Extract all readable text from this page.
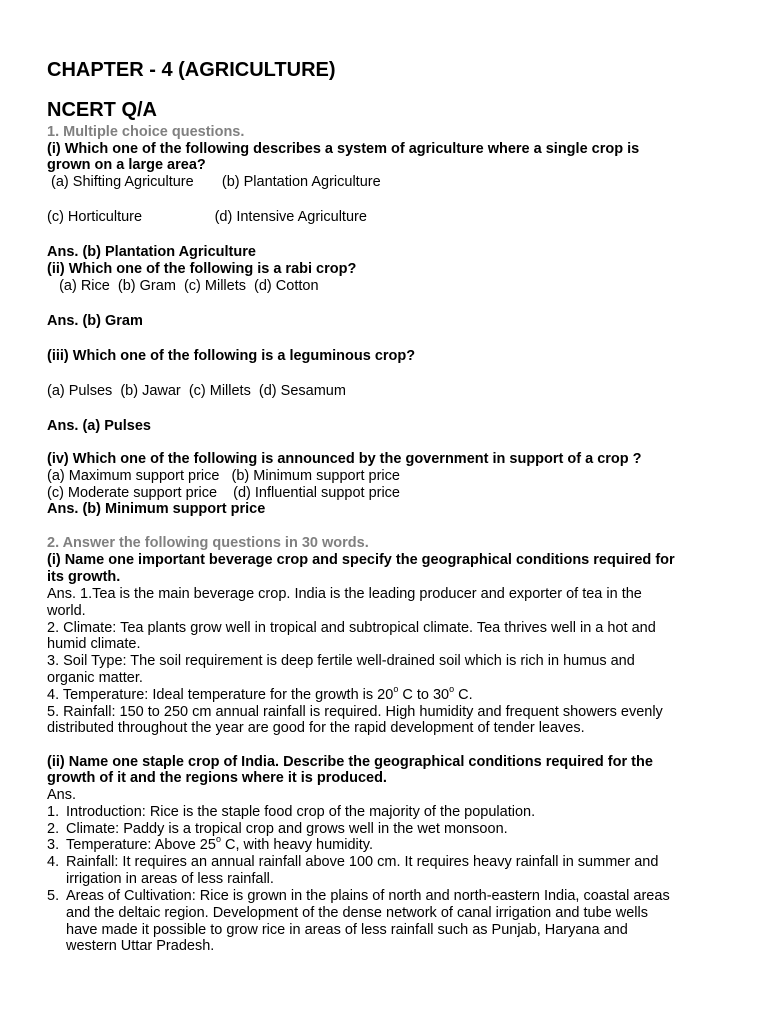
CHAPTER - 4 (AGRICULTURE)

NCERT Q/A

1. Multiple choice questions.

(i) Which one of the following describes a system of agriculture where a single crop is

grown on a large area?

(a) Shifting Agriculture       (b) Plantation Agriculture

(c) Horticulture                  (d) Intensive Agriculture

Ans. (b) Plantation Agriculture

(ii) Which one of the following is a rabi crop?

(a) Rice  (b) Gram  (c) Millets  (d) Cotton

Ans. (b) Gram

(iii) Which one of the following is a leguminous crop?

(a) Pulses  (b) Jawar  (c) Millets  (d) Sesamum

Ans. (a) Pulses

(iv) Which one of the following is announced by the government in support of a crop ?

(a) Maximum support price   (b) Minimum support price

(c) Moderate support price    (d) Influential suppot price

Ans. (b) Minimum support price

2. Answer the following questions in 30 words.

(i) Name one important beverage crop and specify the geographical conditions required for

its growth.

Ans. 1.Tea is the main beverage crop. India is the leading producer and exporter of tea in the

world.

2. Climate: Tea plants grow well in tropical and subtropical climate. Tea thrives well in a hot and

humid climate.

3. Soil Type: The soil requirement is deep fertile well-drained soil which is rich in humus and

organic matter.

4. Temperature: Ideal temperature for the growth is 20$^o$ C to 30$^o$ C.

5. Rainfall: 150 to 250 cm annual rainfall is required. High humidity and frequent showers evenly

distributed throughout the year are good for the rapid development of tender leaves.

(ii) Name one staple crop of India. Describe the geographical conditions required for the

growth of it and the regions where it is produced.

Ans.

1. Introduction: Rice is the staple food crop of the majority of the population.
2. Climate: Paddy is a tropical crop and grows well in the wet monsoon.
3. Temperature: Above 25$^o$ C, with heavy humidity.
4. Rainfall: It requires an annual rainfall above 100 cm. It requires heavy rainfall in summer and
irrigation in areas of less rainfall.
5. Areas of Cultivation: Rice is grown in the plains of north and north-eastern India, coastal areas
and the deltaic region. Development of the dense network of canal irrigation and tube wells
have made it possible to grow rice in areas of less rainfall such as Punjab, Haryana and
western Uttar Pradesh.
